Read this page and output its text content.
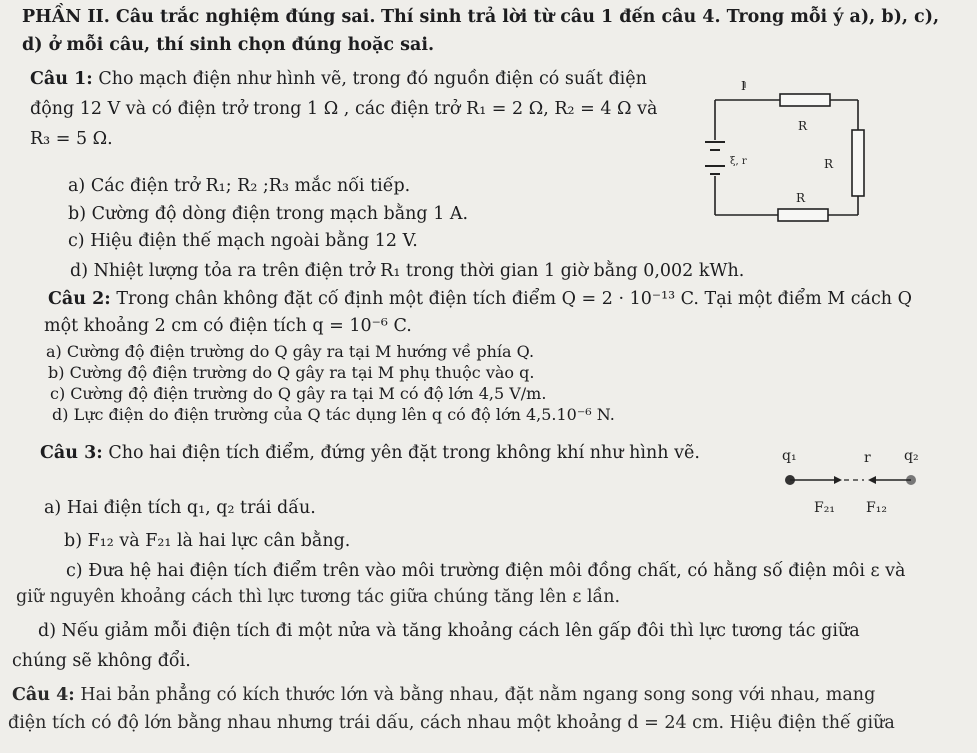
PHẦN II. Câu trắc nghiệm đúng sai. Thí sinh trả lời từ câu 1 đến câu 4. Trong mỗi ý a), b), c),
d) ở mỗi câu, thí sinh chọn đúng hoặc sai.
Câu 1: Cho mạch điện như hình vẽ, trong đó nguồn điện có suất điện
động 12 V và có điện trở trong 1 Ω , các điện trở R₁ = 2 Ω, R₂ = 4 Ω và
R₃ = 5 Ω.
a) Các điện trở R₁; R₂ ;R₃ mắc nối tiếp.
b) Cường độ dòng điện trong mạch bằng 1 A.
c) Hiệu điện thế mạch ngoài bằng 12 V.
d) Nhiệt lượng tỏa ra trên điện trở R₁ trong thời gian 1 giờ bằng 0,002 kWh.
I
R
R
R
ξ, r
Câu 2: Trong chân không đặt cố định một điện tích điểm Q = 2 · 10⁻¹³ C. Tại một điểm M cách Q
một khoảng 2 cm có điện tích q = 10⁻⁶ C.
a) Cường độ điện trường do Q gây ra tại M hướng về phía Q.
b) Cường độ điện trường do Q gây ra tại M phụ thuộc vào q.
c) Cường độ điện trường do Q gây ra tại M có độ lớn 4,5 V/m.
d) Lực điện do điện trường của Q tác dụng lên q có độ lớn 4,5.10⁻⁶ N.
Câu 3: Cho hai điện tích điểm, đứng yên đặt trong không khí như hình vẽ.	q₁	r q₂
F₂₁ F₁₂
a) Hai điện tích q₁, q₂ trái dấu.
b) F₁₂ và F₂₁ là hai lực cân bằng.
c) Đưa hệ hai điện tích điểm trên vào môi trường điện môi đồng chất, có hằng số điện môi ε và
giữ nguyên khoảng cách thì lực tương tác giữa chúng tăng lên ε lần.
d) Nếu giảm mỗi điện tích đi một nửa và tăng khoảng cách lên gấp đôi thì lực tương tác giữa
chúng sẽ không đổi.
Câu 4: Hai bản phẳng có kích thước lớn và bằng nhau, đặt nằm ngang song song với nhau, mang
điện tích có độ lớn bằng nhau nhưng trái dấu, cách nhau một khoảng d = 24 cm. Hiệu điện thế giữa
